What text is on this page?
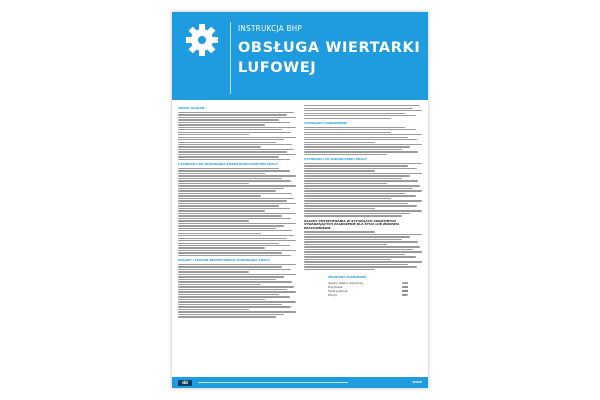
INSTRUKCJA BHP
OBSŁUGA WIERTARKI LUFOWEJ
UWAGI OGÓLNE
CZYNNOŚCI DO WYKONANIA PRZED ROZPOCZĘCIEM PRACY
ZASADY I SPOSÓB BEZPIECZNEGO WYKONANIA PRACY
CZYNNOŚCI ZABRONIONE
CZYNNOŚCI PO ZAKOŃCZENIU PRACY
ZASADY POSTĘPOWANIA W SYTUACJACH AWARYJNYCH STWARZAJĄCYCH ZAGROŻENIE DLA ŻYCIA LUB ZDROWIA PRACOWNIKÓW
TELEFONY ALARMOWE
Ogólny telefon alarmowy	112
Pogotowie	999
Straż pożarna	998
Policja	997
dd	W020
